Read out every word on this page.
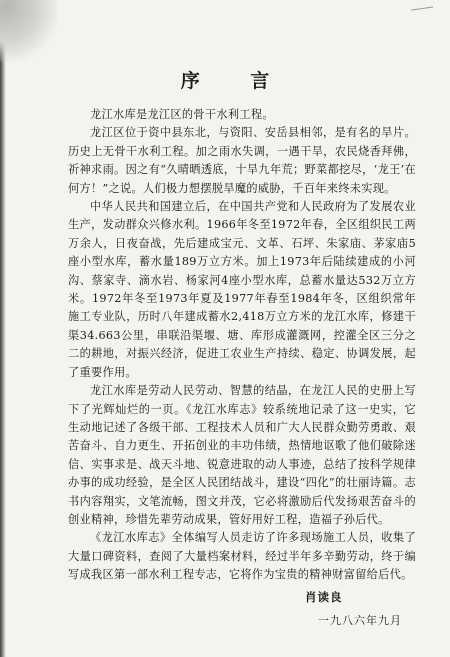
序 言

龙江水库是龙江区的骨干水利工程。

龙江区位于资中县东北，与资阳、安岳县相邻，是有名的旱片。历史上无骨干水利工程。加之雨水失调，一遇干旱，农民烧香拜佛，祈神求雨。因之有“久晴晒透底，十旱九年荒；野菜都挖尽，‘龙王’在何方！”之说。人们极力想摆脱旱魔的威胁，千百年来终未实现。

中华人民共和国建立后，在中国共产党和人民政府为了发展农业生产，发动群众兴修水利。1966年冬至1972年春，全区组织民工两万余人，日夜奋战，先后建成宝元、文革、石坪、朱家庙、茅家庙5座小型水库，蓄水量189万立方米。加上1973年后陆续建成的小河沟、蔡家寺、滴水岩、杨家河4座小型水库，总蓄水量达532万立方米。1972年冬至1973年夏及1977年春至1984年冬，区组织常年施工专业队，历时八年建成蓄水2,418万立方米的龙江水库，修建干渠34.663公里，串联沿渠堰、塘、库形成灌溉网，控灌全区三分之二的耕地，对振兴经济，促进工农业生产持续、稳定、协调发展，起了重要作用。

龙江水库是劳动人民劳动、智慧的结晶，在龙江人民的史册上写下了光辉灿烂的一页。《龙江水库志》较系统地记录了这一史实，它生动地记述了各级干部、工程技术人员和广大人民群众勤劳勇敢、艰苦奋斗、自力更生、开拓创业的丰功伟绩，热情地讴歌了他们破除迷信、实事求是、战天斗地、锐意进取的动人事迹，总结了按科学规律办事的成功经验，是全区人民团结战斗，建设“四化”的壮丽诗篇。志书内容翔实，文笔流畅，图文并茂，它必将激励后代发扬艰苦奋斗的创业精神，珍惜先辈劳动成果，管好用好工程，造福子孙后代。

《龙江水库志》全体编写人员走访了许多现场施工人员，收集了大量口碑资料，查阅了大量档案材料，经过半年多辛勤劳动，终于编写成我区第一部水利工程专志，它将作为宝贵的精神财富留给后代。

肖读良
一九八六年九月
